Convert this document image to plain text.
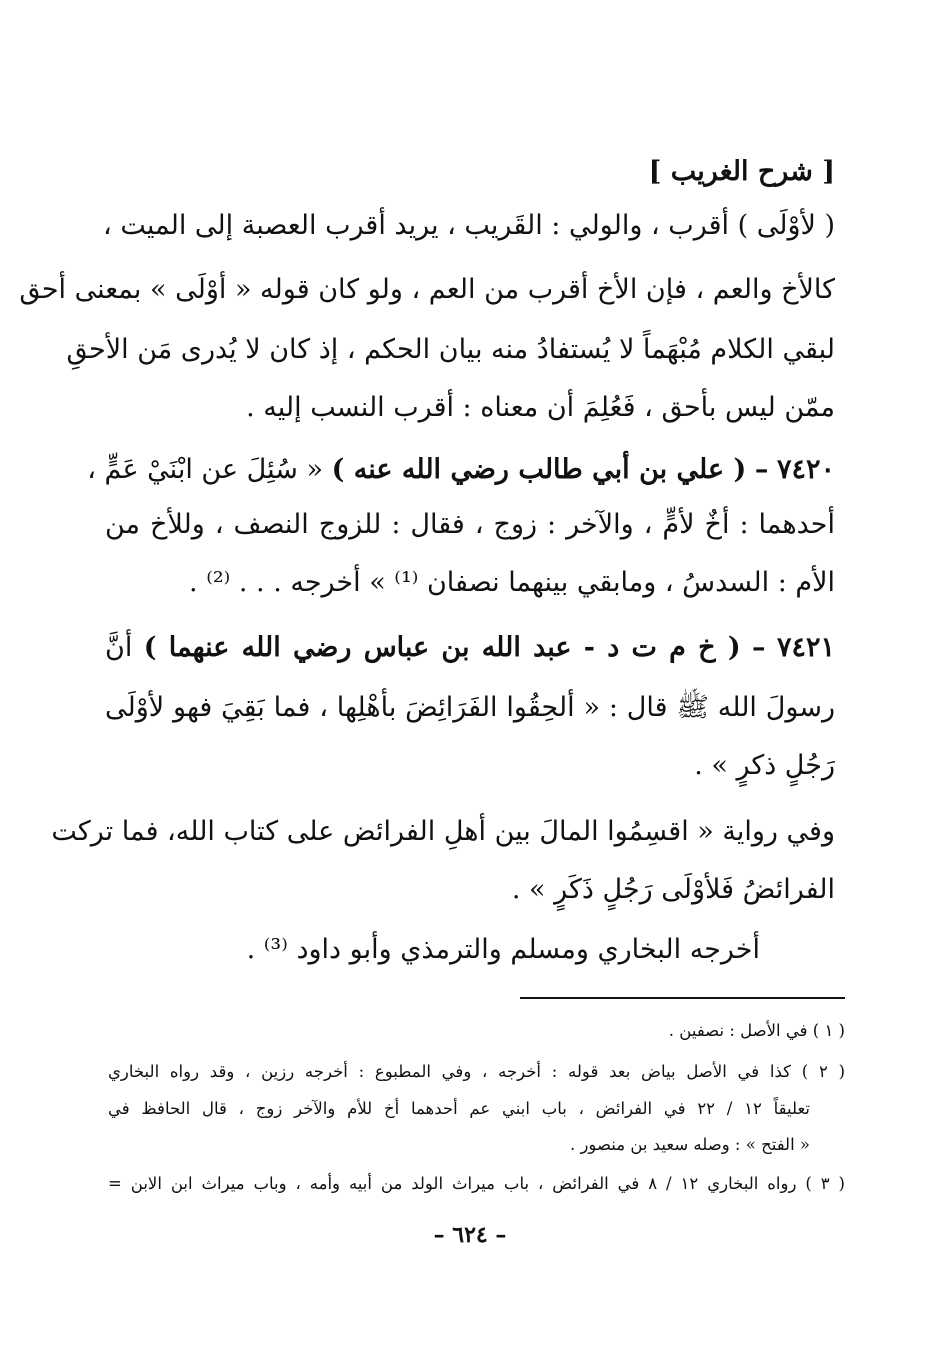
[ شرح الغريب ]
( لأوْلَى ) أقرب ، والولي : القَريب ، يريد أقرب العصبة إلى الميت ،
كالأخ والعم ، فإن الأخ أقرب من العم ، ولو كان قوله « أوْلَى » بمعنى أحق
لبقي الكلام مُبْهَماً لا يُستفادُ منه بيان الحكم ، إذ كان لا يُدرى مَن الأحقِ
ممّن ليس بأحق ، فَعُلِمَ أن معناه : أقرب النسب إليه .
٧٤٢٠ – ( علي بن أبي طالب رضي الله عنه ) « سُئِلَ عن ابْنَيْ عَمٍّ ،
أحدهما : أخٌ لأمٍّ ، والآخر : زوج ، فقال : للزوج النصف ، وللأخ من
الأم : السدسُ ، ومابقي بينهما نصفان ⁽¹⁾ » أخرجه . . . ⁽²⁾ .
٧٤٢١ – ( خ م ت د - عبد الله بن عباس رضي الله عنهما ) أنَّ
رسولَ الله ﷺ قال : « ألحِقُوا الفَرَائِضَ بأهْلِها ، فما بَقِيَ فهو لأوْلَى
رَجُلٍ ذكرٍ » .
وفي رواية « اقسِمُوا المالَ بين أهلِ الفرائض على كتاب الله، فما تركت
الفرائضُ فَلأوْلَى رَجُلٍ ذَكَرٍ » .
أخرجه البخاري ومسلم والترمذي وأبو داود ⁽³⁾ .
( ١ ) في الأصل : نصفين .
( ٢ ) كذا في الأصل بياض بعد قوله : أخرجه ، وفي المطبوع : أخرجه رزين ، وقد رواه البخاري
تعليقاً ١٢ / ٢٢ في الفرائض ، باب ابني عم أحدهما أخ للأم والآخر زوج ، قال الحافظ في
« الفتح » : وصله سعيد بن منصور .
( ٣ ) رواه البخاري ١٢ / ٨ في الفرائض ، باب ميراث الولد من أبيه وأمه ، وباب ميراث ابن الابن =
– ٦٢٤ –
